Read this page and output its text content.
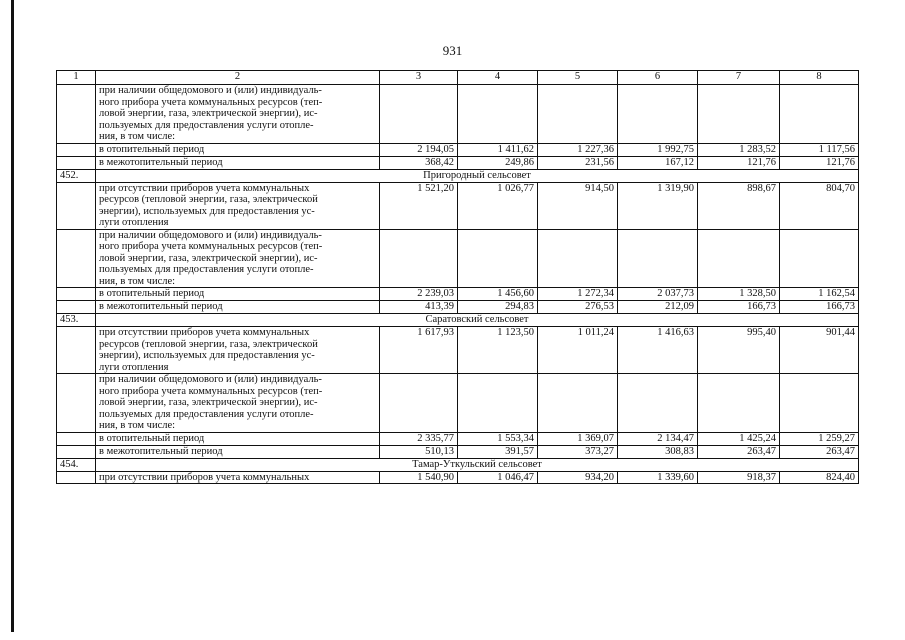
931
1	2	3	4	5	6	7	8
	при наличии общедомового и (или) индивидуаль-
ного прибора учета коммунальных ресурсов (теп-
ловой энергии, газа, электрической энергии), ис-
пользуемых для предоставления услуги отопле-
ния, в том числе:						
	в отопительный период	2 194,05	1 411,62	1 227,36	1 992,75	1 283,52	1 117,56
	в межотопительный период	368,42	249,86	231,56	167,12	121,76	121,76
452.	Пригородный сельсовет						
	при отсутствии приборов учета коммунальных
ресурсов (тепловой энергии, газа, электрической
энергии), используемых для предоставления ус-
луги отопления	1 521,20	1 026,77	914,50	1 319,90	898,67	804,70
	при наличии общедомового и (или) индивидуаль-
ного прибора учета коммунальных ресурсов (теп-
ловой энергии, газа, электрической энергии), ис-
пользуемых для предоставления услуги отопле-
ния, в том числе:						
	в отопительный период	2 239,03	1 456,60	1 272,34	2 037,73	1 328,50	1 162,54
	в межотопительный период	413,39	294,83	276,53	212,09	166,73	166,73
453.	Саратовский сельсовет						
	при отсутствии приборов учета коммунальных
ресурсов (тепловой энергии, газа, электрической
энергии), используемых для предоставления ус-
луги отопления	1 617,93	1 123,50	1 011,24	1 416,63	995,40	901,44
	при наличии общедомового и (или) индивидуаль-
ного прибора учета коммунальных ресурсов (теп-
ловой энергии, газа, электрической энергии), ис-
пользуемых для предоставления услуги отопле-
ния, в том числе:						
	в отопительный период	2 335,77	1 553,34	1 369,07	2 134,47	1 425,24	1 259,27
	в межотопительный период	510,13	391,57	373,27	308,83	263,47	263,47
454.	Тамар-Уткульский сельсовет						
	при отсутствии приборов учета коммунальных	1 540,90	1 046,47	934,20	1 339,60	918,37	824,40
